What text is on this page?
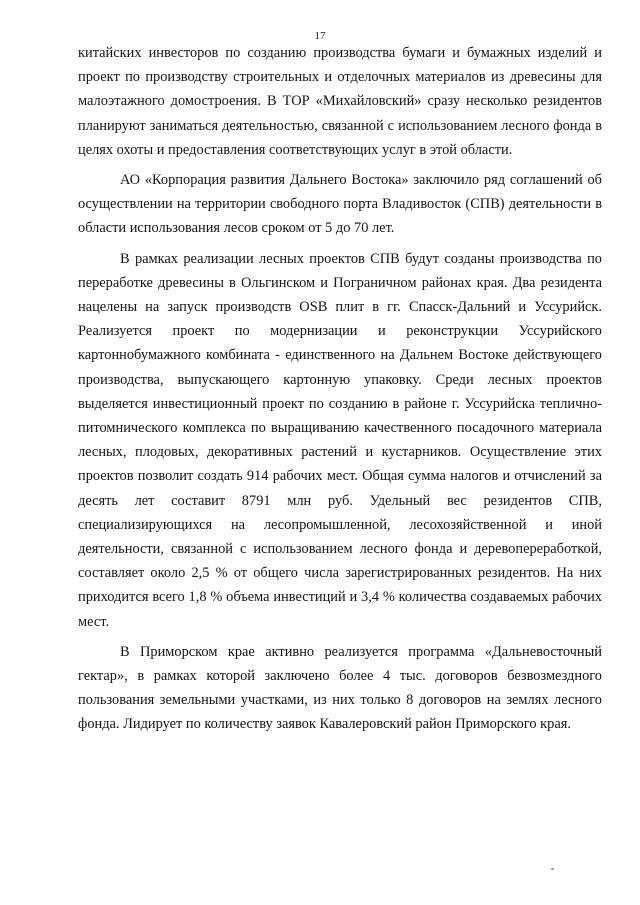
17

китайских инвесторов по созданию производства бумаги и бумажных изделий и проект по производству строительных и отделочных материалов из древесины для малоэтажного домостроения. В ТОР «Михайловский» сразу несколько резидентов планируют заниматься деятельностью, связанной с использованием лесного фонда в целях охоты и предоставления соответствующих услуг в этой области.

АО «Корпорация развития Дальнего Востока» заключило ряд соглашений об осуществлении на территории свободного порта Владивосток (СПВ) деятельности в области использования лесов сроком от 5 до 70 лет.

В рамках реализации лесных проектов СПВ будут созданы производства по переработке древесины в Ольгинском и Пограничном районах края. Два резидента нацелены на запуск производств OSB плит в гг. Спасск-Дальний и Уссурийск. Реализуется проект по модернизации и реконструкции Уссурийского картоннобумажного комбината - единственного на Дальнем Востоке действующего производства, выпускающего картонную упаковку. Среди лесных проектов выделяется инвестиционный проект по созданию в районе г. Уссурийска теплично-питомнического комплекса по выращиванию качественного посадочного материала лесных, плодовых, декоративных растений и кустарников. Осуществление этих проектов позволит создать 914 рабочих мест. Общая сумма налогов и отчислений за десять лет составит 8791 млн руб. Удельный вес резидентов СПВ, специализирующихся на лесопромышленной, лесохозяйственной и иной деятельности, связанной с использованием лесного фонда и деревопереработкой, составляет около 2,5 % от общего числа зарегистрированных резидентов. На них приходится всего 1,8 % объема инвестиций и 3,4 % количества создаваемых рабочих мест.

В Приморском крае активно реализуется программа «Дальневосточный гектар», в рамках которой заключено более 4 тыс. договоров безвозмездного пользования земельными участками, из них только 8 договоров на землях лесного фонда. Лидирует по количеству заявок Кавалеровский район Приморского края.
